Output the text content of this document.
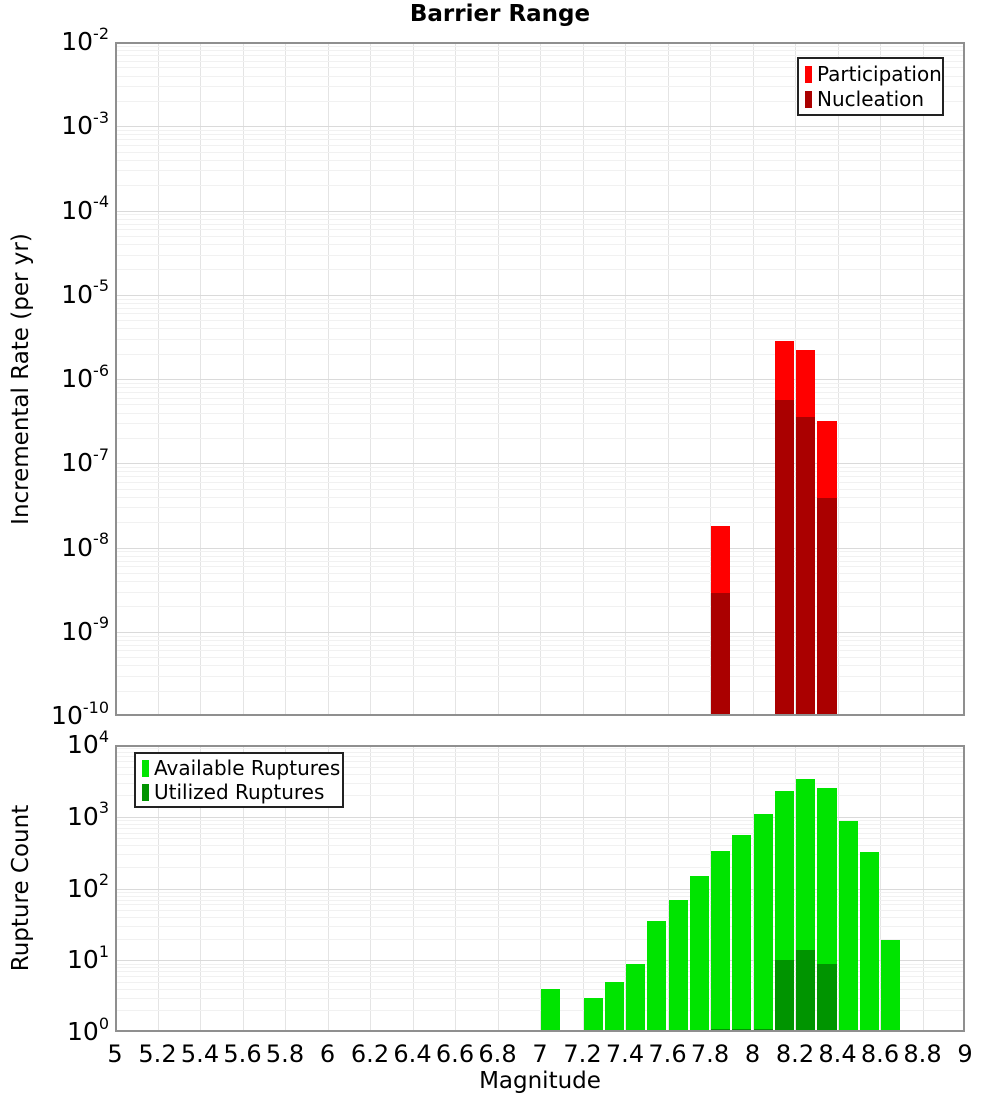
Barrier Range
Incremental Rate (per yr)
Rupture Count
Magnitude
Participation
Nucleation
Available Ruptures
Utilized Ruptures
$10^{-2}$
$10^{-3}$
$10^{-4}$
$10^{-5}$
$10^{-6}$
$10^{-7}$
$10^{-8}$
$10^{-9}$
$10^{-10}$
$10^4$
$10^3$
$10^2$
$10^1$
$10^0$
5 5.2 5.4 5.6 5.8 6 6.2 6.4 6.6 6.8 7 7.2 7.4 7.6 7.8 8 8.2 8.4 8.6 8.8 9
